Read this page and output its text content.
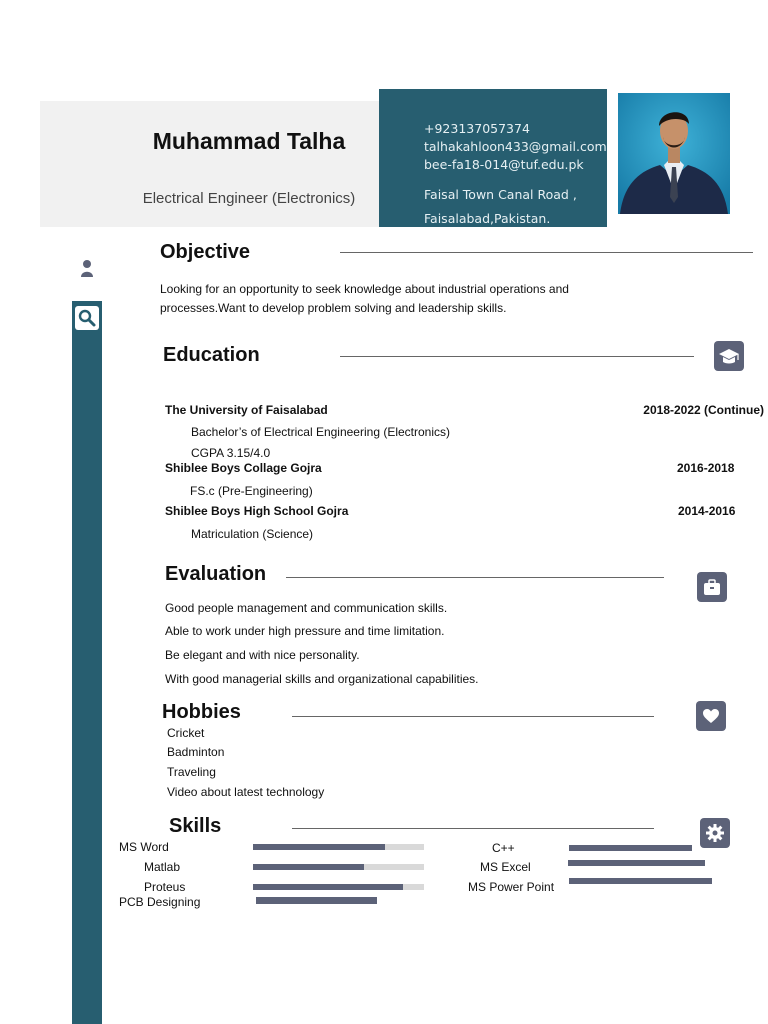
Muhammad Talha
Electrical Engineer (Electronics)
+923137057374
talhakahloon433@gmail.com
bee-fa18-014@tuf.edu.pk
Faisal Town Canal Road ,
Faisalabad,Pakistan.
Objective
Looking for an opportunity to seek knowledge about industrial operations and
processes.Want to develop problem solving and leadership skills.
Education
The University of Faisalabad	2018-2022 (Continue)
Bachelor’s of Electrical Engineering (Electronics)
CGPA 3.15/4.0
Shiblee Boys Collage Gojra	2016-2018
FS.c (Pre-Engineering)
Shiblee Boys High School Gojra	2014-2016
Matriculation (Science)
Evaluation
Good people management and communication skills.
Able to work under high pressure and time limitation.
Be elegant and with nice personality.
With good managerial skills and organizational capabilities.
Hobbies
Cricket
Badminton
Traveling
Video about latest technology
Skills
MS Word
Matlab
Proteus
PCB Designing
C++
MS Excel
MS Power Point
